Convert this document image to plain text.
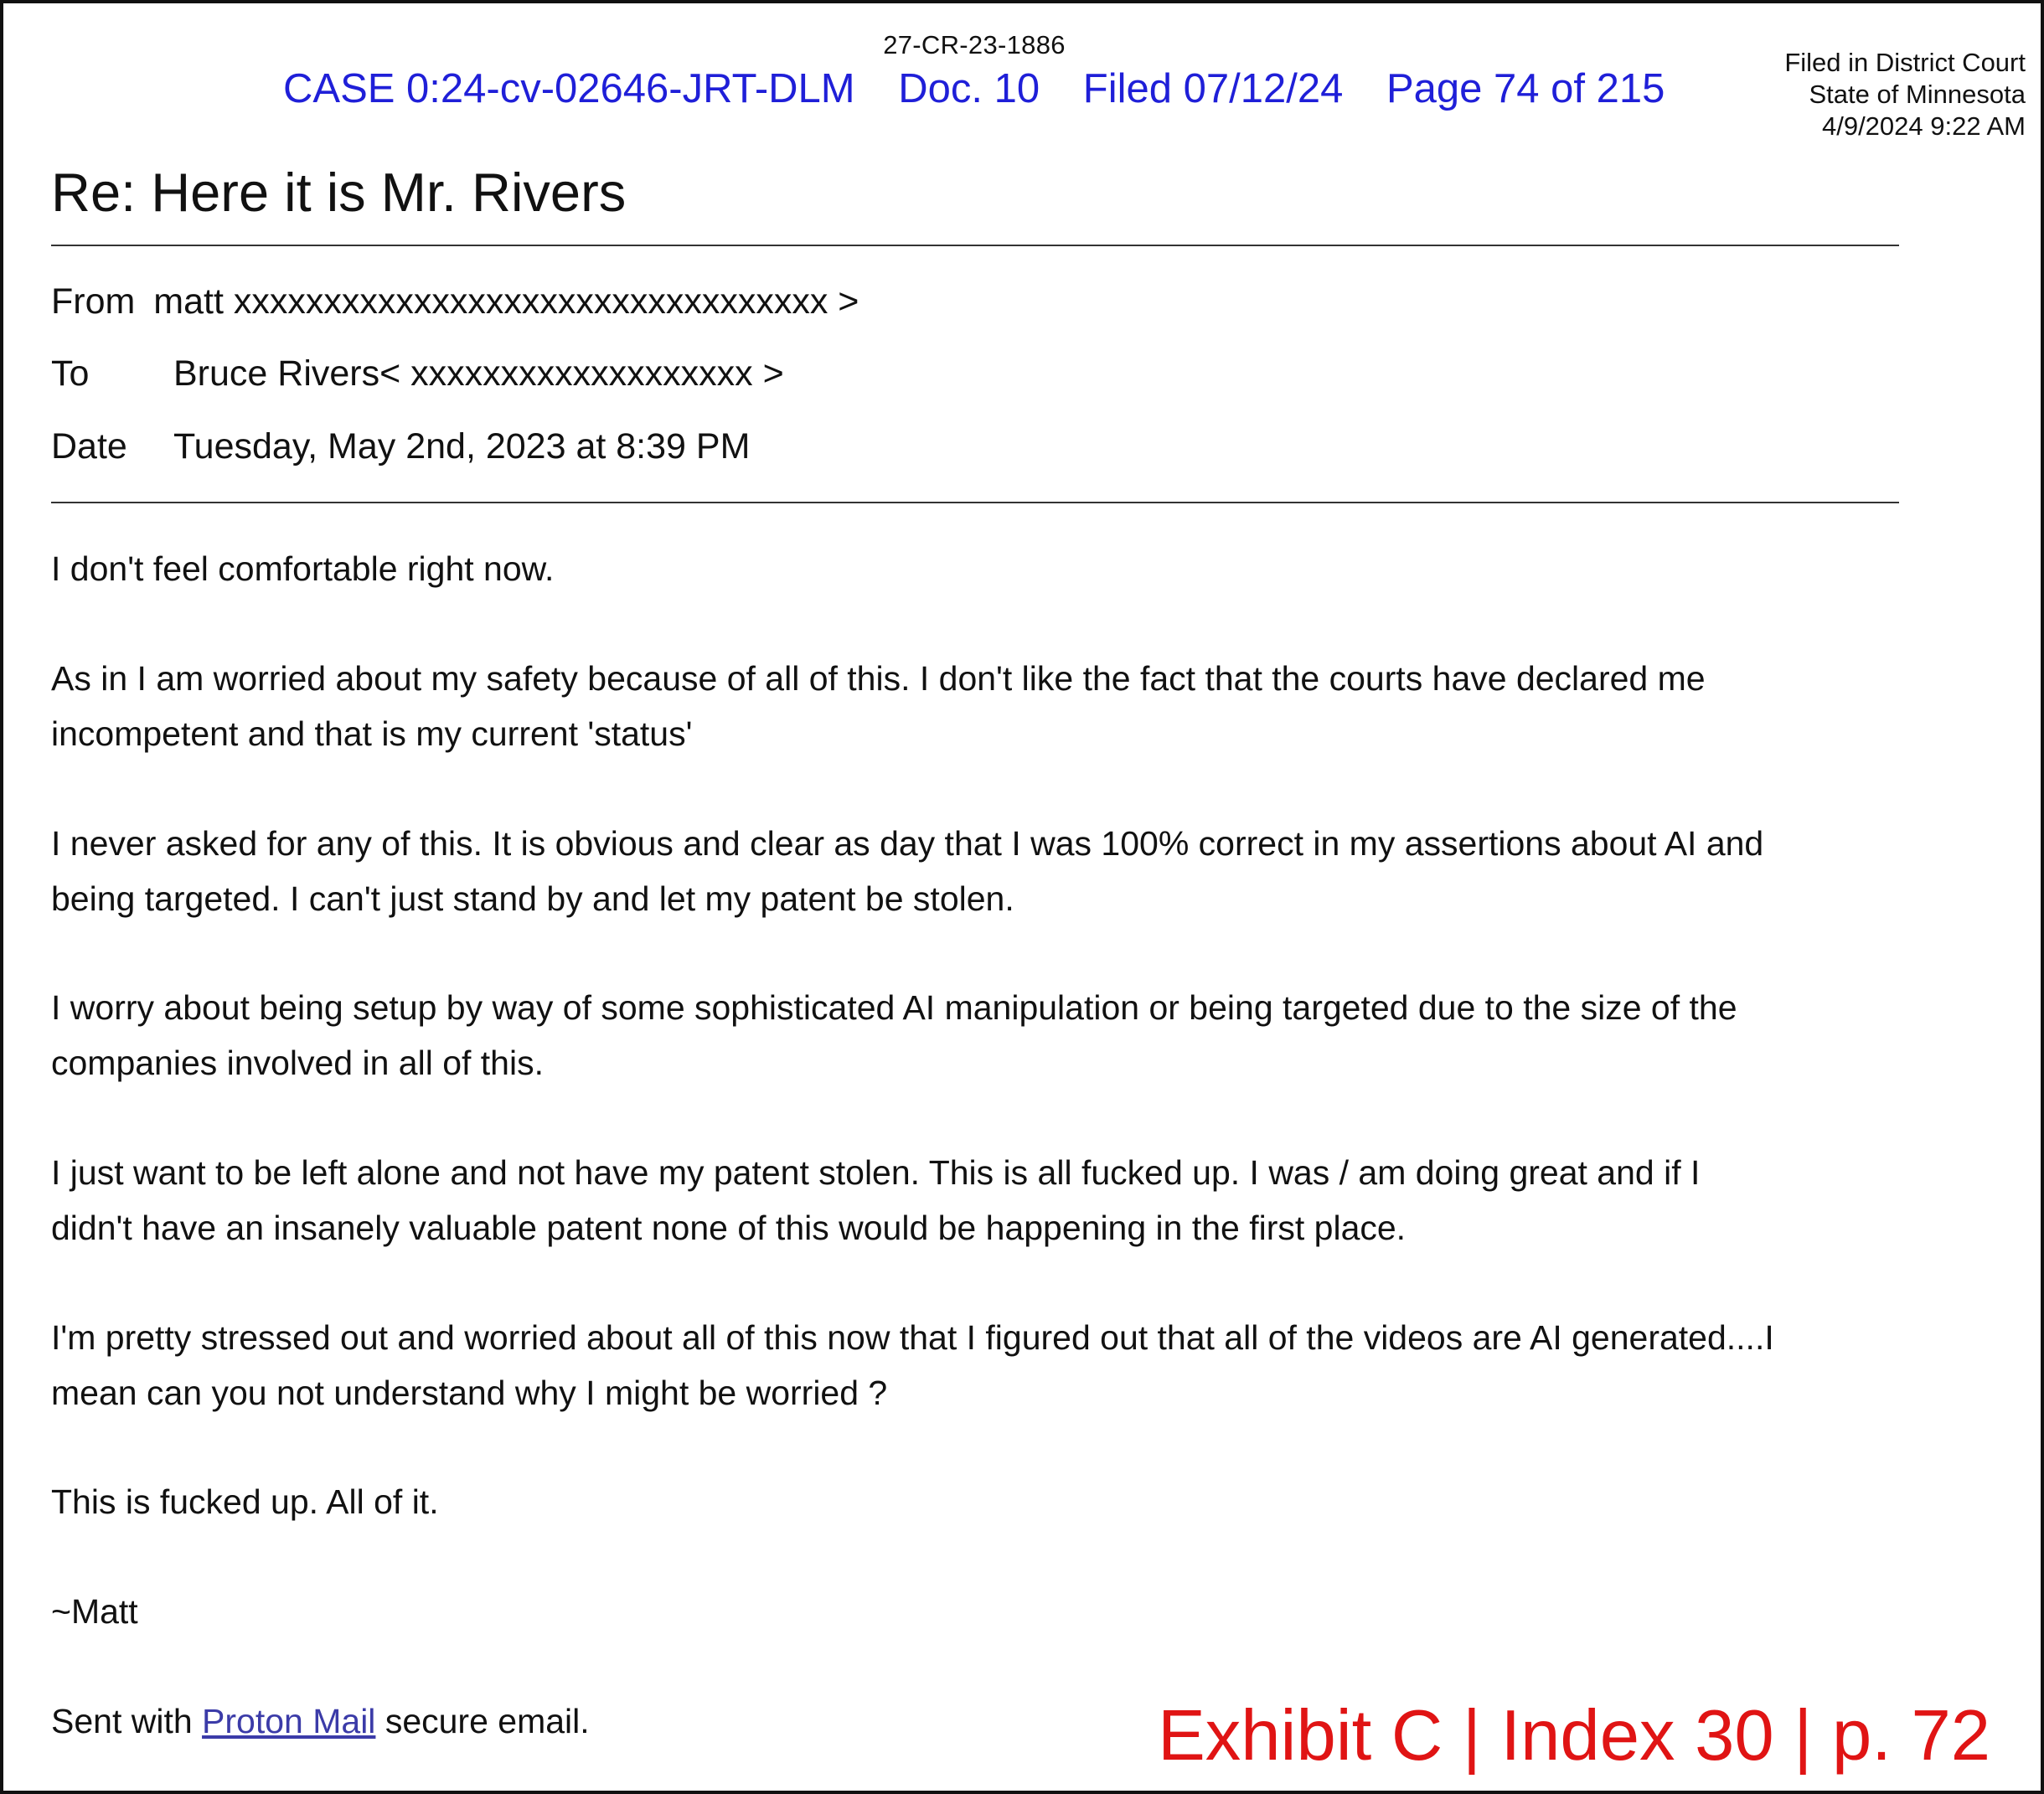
27-CR-23-1886
CASE 0:24-cv-02646-JRT-DLM Doc. 10 Filed 07/12/24 Page 74 of 215
Filed in District Court
State of Minnesota
4/9/2024 9:22 AM
Re: Here it is Mr. Rivers
From matt xxxxxxxxxxxxxxxxxxxxxxxxxxxxxxxxx >
To Bruce Rivers< xxxxxxxxxxxxxxxxxxx >
Date Tuesday, May 2nd, 2023 at 8:39 PM
I don't feel comfortable right now.
As in I am worried about my safety because of all of this. I don't like the fact that the courts have declared me
incompetent and that is my current 'status'
I never asked for any of this. It is obvious and clear as day that I was 100% correct in my assertions about AI and
being targeted. I can't just stand by and let my patent be stolen.
I worry about being setup by way of some sophisticated AI manipulation or being targeted due to the size of the
companies involved in all of this.
I just want to be left alone and not have my patent stolen. This is all fucked up. I was / am doing great and if I
didn't have an insanely valuable patent none of this would be happening in the first place.
I'm pretty stressed out and worried about all of this now that I figured out that all of the videos are AI generated....I
mean can you not understand why I might be worried ?
This is fucked up. All of it.
~Matt
Sent with Proton Mail secure email.	Exhibit C | Index 30 | p. 72
